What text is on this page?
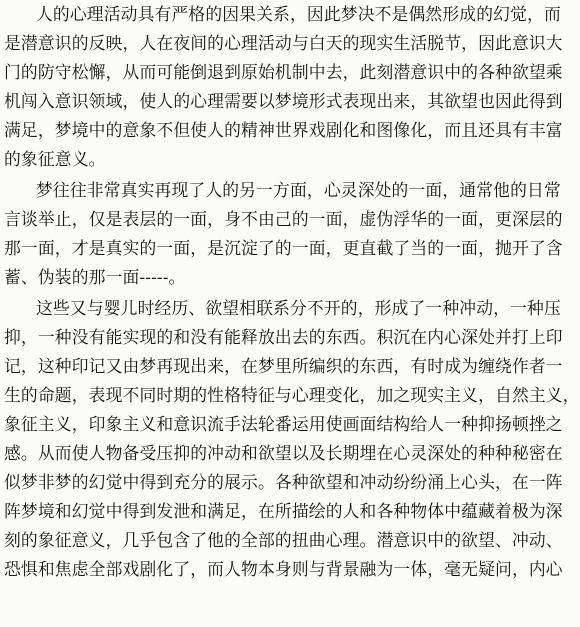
人的心理活动具有严格的因果关系，因此梦决不是偶然形成的幻觉，而
是潜意识的反映，人在夜间的心理活动与白天的现实生活脱节，因此意识大
门的防守松懈，从而可能倒退到原始机制中去，此刻潜意识中的各种欲望乘
机闯入意识领域，使人的心理需要以梦境形式表现出来，其欲望也因此得到
满足，梦境中的意象不但使人的精神世界戏剧化和图像化，而且还具有丰富
的象征意义。
梦往往非常真实再现了人的另一方面，心灵深处的一面，通常他的日常
言谈举止，仅是表层的一面，身不由己的一面，虚伪浮华的一面，更深层的
那一面，才是真实的一面，是沉淀了的一面，更直截了当的一面，抛开了含
蓄、伪装的那一面-----。
这些又与婴儿时经历、欲望相联系分不开的，形成了一种冲动，一种压
抑，一种没有能实现的和没有能释放出去的东西。积沉在内心深处并打上印
记，这种印记又由梦再现出来，在梦里所编织的东西，有时成为缠绕作者一
生的命题，表现不同时期的性格特征与心理变化，加之现实主义，自然主义，
象征主义，印象主义和意识流手法轮番运用使画面结构给人一种抑扬顿挫之
感。从而使人物备受压抑的冲动和欲望以及长期埋在心灵深处的种种秘密在
似梦非梦的幻觉中得到充分的展示。各种欲望和冲动纷纷涌上心头，在一阵
阵梦境和幻觉中得到发泄和满足，在所描绘的人和各种物体中蕴藏着极为深
刻的象征意义，几乎包含了他的全部的扭曲心理。潜意识中的欲望、冲动、
恐惧和焦虑全部戏剧化了，而人物本身则与背景融为一体，毫无疑问，内心
